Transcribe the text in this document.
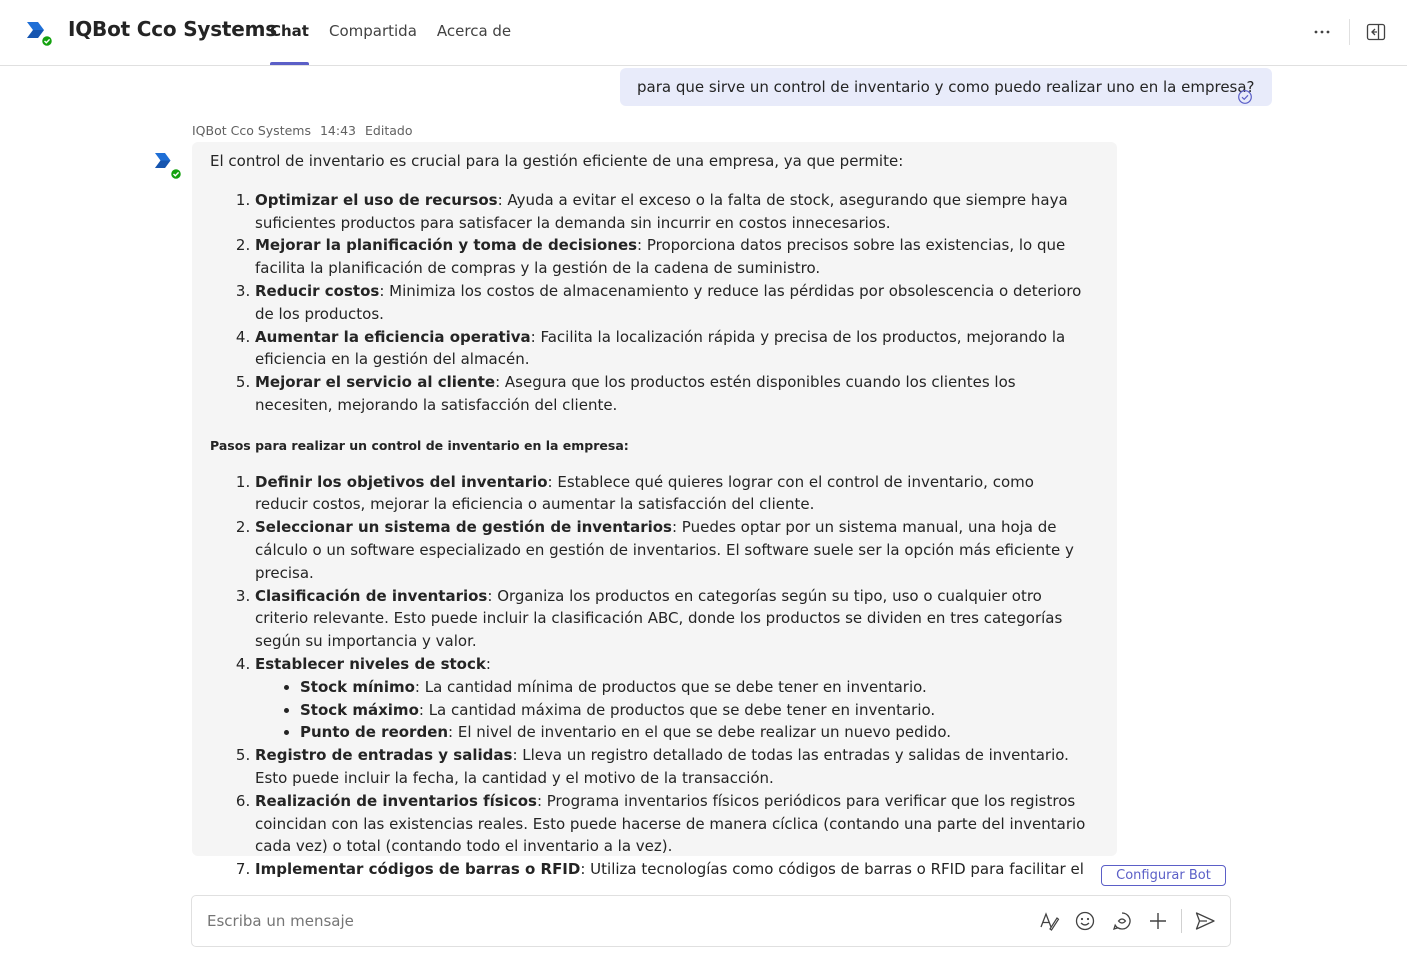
IQBot Cco Systems
Chat Compartida Acerca de
para que sirve un control de inventario y como puedo realizar uno en la empresa?
IQBot Cco Systems 14:43 Editado

El control de inventario es crucial para la gestión eficiente de una empresa, ya que permite:

1. Optimizar el uso de recursos: Ayuda a evitar el exceso o la falta de stock, asegurando que siempre haya suficientes productos para satisfacer la demanda sin incurrir en costos innecesarios.
2. Mejorar la planificación y toma de decisiones: Proporciona datos precisos sobre las existencias, lo que facilita la planificación de compras y la gestión de la cadena de suministro.
3. Reducir costos: Minimiza los costos de almacenamiento y reduce las pérdidas por obsolescencia o deterioro de los productos.
4. Aumentar la eficiencia operativa: Facilita la localización rápida y precisa de los productos, mejorando la eficiencia en la gestión del almacén.
5. Mejorar el servicio al cliente: Asegura que los productos estén disponibles cuando los clientes los necesiten, mejorando la satisfacción del cliente.
Pasos para realizar un control de inventario en la empresa:
1. Definir los objetivos del inventario: Establece qué quieres lograr con el control de inventario, como reducir costos, mejorar la eficiencia o aumentar la satisfacción del cliente.
2. Seleccionar un sistema de gestión de inventarios: Puedes optar por un sistema manual, una hoja de cálculo o un software especializado en gestión de inventarios. El software suele ser la opción más eficiente y precisa.
3. Clasificación de inventarios: Organiza los productos en categorías según su tipo, uso o cualquier otro criterio relevante. Esto puede incluir la clasificación ABC, donde los productos se dividen en tres categorías según su importancia y valor.
4. Establecer niveles de stock:
• Stock mínimo: La cantidad mínima de productos que se debe tener en inventario.
• Stock máximo: La cantidad máxima de productos que se debe tener en inventario.
• Punto de reorden: El nivel de inventario en el que se debe realizar un nuevo pedido.
5. Registro de entradas y salidas: Lleva un registro detallado de todas las entradas y salidas de inventario. Esto puede incluir la fecha, la cantidad y el motivo de la transacción.
6. Realización de inventarios físicos: Programa inventarios físicos periódicos para verificar que los registros coincidan con las existencias reales. Esto puede hacerse de manera cíclica (contando una parte del inventario cada vez) o total (contando todo el inventario a la vez).
7. Implementar códigos de barras o RFID: Utiliza tecnologías como códigos de barras o RFID para facilitar el	Configurar Bot
Escriba un mensaje
